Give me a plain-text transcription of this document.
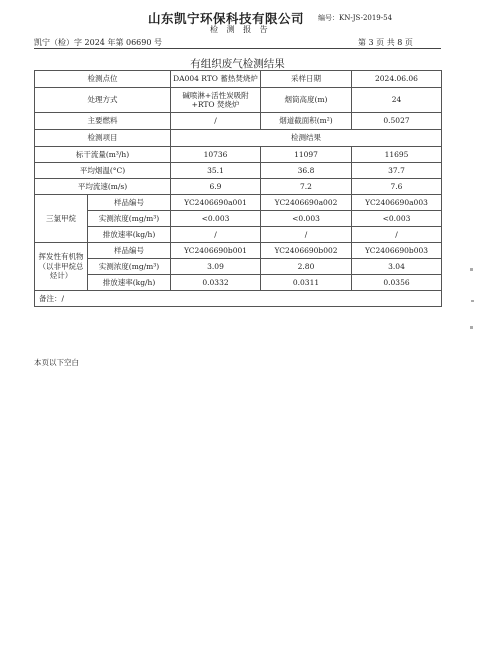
山东凯宁环保科技有限公司 编号：KN-JS-2019-54
检 测 报 告
凯宁（检）字 2024 年第 06690 号	第 3 页 共 8 页
有组织废气检测结果
检测点位		DA004 RTO 蓄热焚烧炉	采样日期	2024.06.06
处理方式		碱喷淋+活性炭吸附+RTO 焚烧炉	烟筒高度(m)	24
主要燃料		/	烟道截面积(m²)	0.5027
检测项目		检测结果		
标干流量(m³/h)		10736	11097	11695
平均烟温(°C)		35.1	36.8	37.7
平均流速(m/s)		6.9	7.2	7.6
三氯甲烷	样品编号	YC2406690a001	YC2406690a002	YC2406690a003
	实测浓度(mg/m³)	<0.003	<0.003	<0.003
	排放速率(kg/h)	/	/	/
挥发性有机物（以非甲烷总烃计）	样品编号	YC2406690b001	YC2406690b002	YC2406690b003
	实测浓度(mg/m³)	3.09	2.80	3.04
	排放速率(kg/h)	0.0332	0.0311	0.0356
备注：/				
本页以下空白
